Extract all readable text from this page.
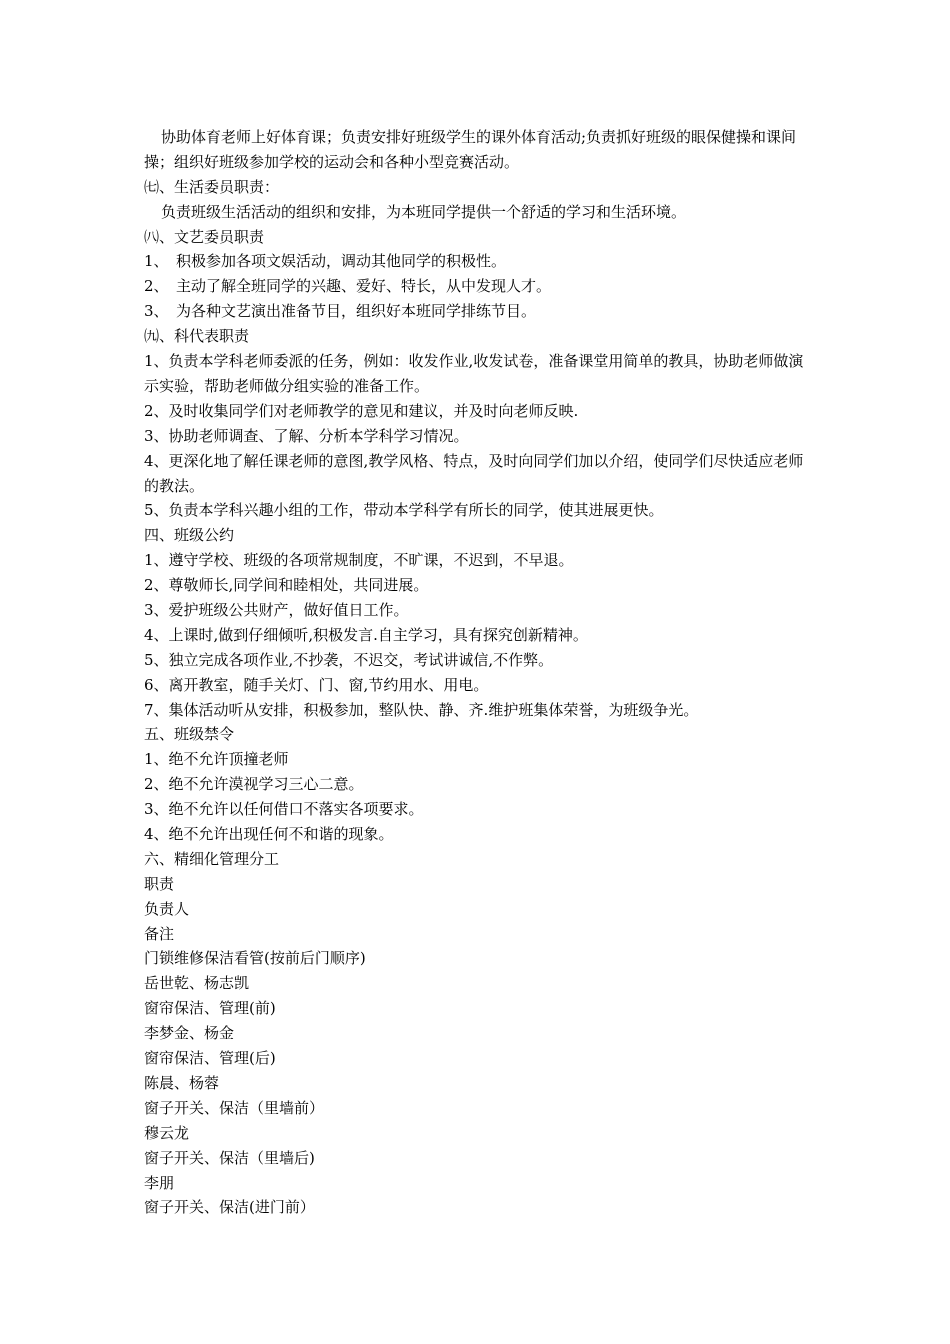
协助体育老师上好体育课；负责安排好班级学生的课外体育活动;负责抓好班级的眼保健操和课间操；组织好班级参加学校的运动会和各种小型竞赛活动。
㈦、生活委员职责：
负责班级生活活动的组织和安排，为本班同学提供一个舒适的学习和生活环境。
㈧、文艺委员职责
1、　积极参加各项文娱活动，调动其他同学的积极性。
2、　主动了解全班同学的兴趣、爱好、特长，从中发现人才。
3、　为各种文艺演出准备节目，组织好本班同学排练节目。
㈨、科代表职责
1、负责本学科老师委派的任务，例如：收发作业,收发试卷，准备课堂用简单的教具，协助老师做演示实验，帮助老师做分组实验的准备工作。
2、及时收集同学们对老师教学的意见和建议，并及时向老师反映.
3、协助老师调查、了解、分析本学科学习情况。
4、更深化地了解任课老师的意图,教学风格、特点，及时向同学们加以介绍，使同学们尽快适应老师的教法。
5、负责本学科兴趣小组的工作，带动本学科学有所长的同学，使其进展更快。
四、班级公约
1、遵守学校、班级的各项常规制度，不旷课，不迟到，不早退。
2、尊敬师长,同学间和睦相处，共同进展。
3、爱护班级公共财产，做好值日工作。
4、上课时,做到仔细倾听,积极发言.自主学习，具有探究创新精神。
5、独立完成各项作业,不抄袭，不迟交，考试讲诚信,不作弊。
6、离开教室，随手关灯、门、窗,节约用水、用电。
7、集体活动听从安排，积极参加，整队快、静、齐.维护班集体荣誉，为班级争光。
五、班级禁令
1、绝不允许顶撞老师
2、绝不允许漠视学习三心二意。
3、绝不允许以任何借口不落实各项要求。
4、绝不允许出现任何不和谐的现象。
六、精细化管理分工
职责
负责人
备注
门锁维修保洁看管(按前后门顺序)
岳世乾、杨志凯
窗帘保洁、管理(前)
李梦金、杨金
窗帘保洁、管理(后)
陈晨、杨蓉
窗子开关、保洁（里墙前）
穆云龙
窗子开关、保洁（里墙后)
李朋
窗子开关、保洁(进门前）
